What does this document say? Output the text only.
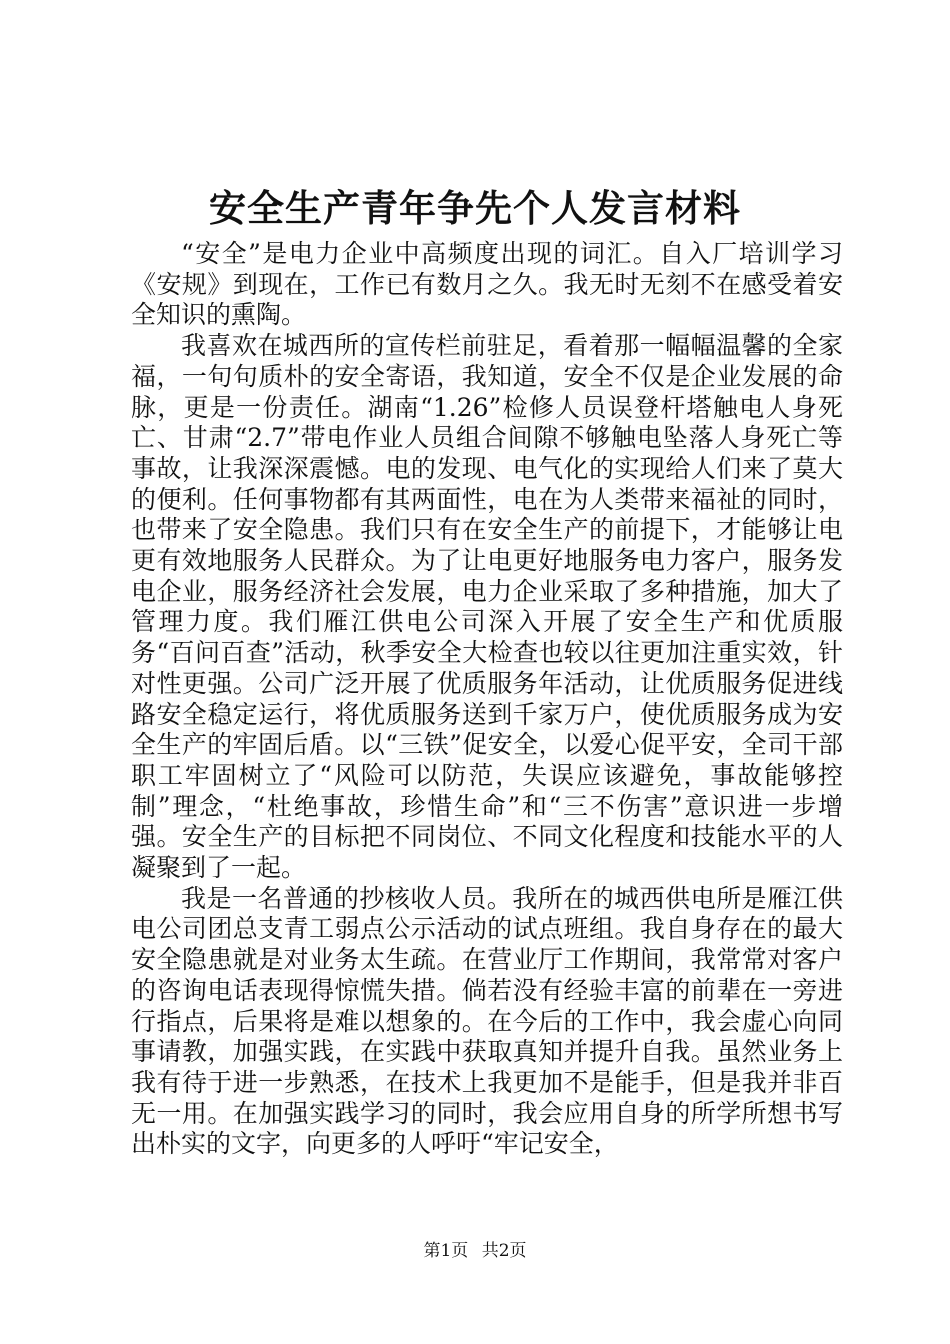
安全生产青年争先个人发言材料

“安全”是电力企业中高频度出现的词汇。自入厂培训学习《安规》到现在，工作已有数月之久。我无时无刻不在感受着安全知识的熏陶。

我喜欢在城西所的宣传栏前驻足，看着那一幅幅温馨的全家福，一句句质朴的安全寄语，我知道，安全不仅是企业发展的命脉，更是一份责任。湖南“1.26”检修人员误登杆塔触电人身死亡、甘肃“2.7”带电作业人员组合间隙不够触电坠落人身死亡等事故，让我深深震憾。电的发现、电气化的实现给人们来了莫大的便利。任何事物都有其两面性，电在为人类带来福祉的同时，也带来了安全隐患。我们只有在安全生产的前提下，才能够让电更有效地服务人民群众。为了让电更好地服务电力客户，服务发电企业，服务经济社会发展，电力企业采取了多种措施，加大了管理力度。我们雁江供电公司深入开展了安全生产和优质服务“百问百查”活动，秋季安全大检查也较以往更加注重实效，针对性更强。公司广泛开展了优质服务年活动，让优质服务促进线路安全稳定运行，将优质服务送到千家万户，使优质服务成为安全生产的牢固后盾。以“三铁”促安全，以爱心促平安，全司干部职工牢固树立了“风险可以防范，失误应该避免，事故能够控制”理念，“杜绝事故，珍惜生命”和“三不伤害”意识进一步增强。安全生产的目标把不同岗位、不同文化程度和技能水平的人凝聚到了一起。

我是一名普通的抄核收人员。我所在的城西供电所是雁江供电公司团总支青工弱点公示活动的试点班组。我自身存在的最大安全隐患就是对业务太生疏。在营业厅工作期间，我常常对客户的咨询电话表现得惊慌失措。倘若没有经验丰富的前辈在一旁进行指点，后果将是难以想象的。在今后的工作中，我会虚心向同事请教，加强实践，在实践中获取真知并提升自我。虽然业务上我有待于进一步熟悉，在技术上我更加不是能手，但是我并非百无一用。在加强实践学习的同时，我会应用自身的所学所想书写出朴实的文字，向更多的人呼吁“牢记安全，

第1页 共2页
